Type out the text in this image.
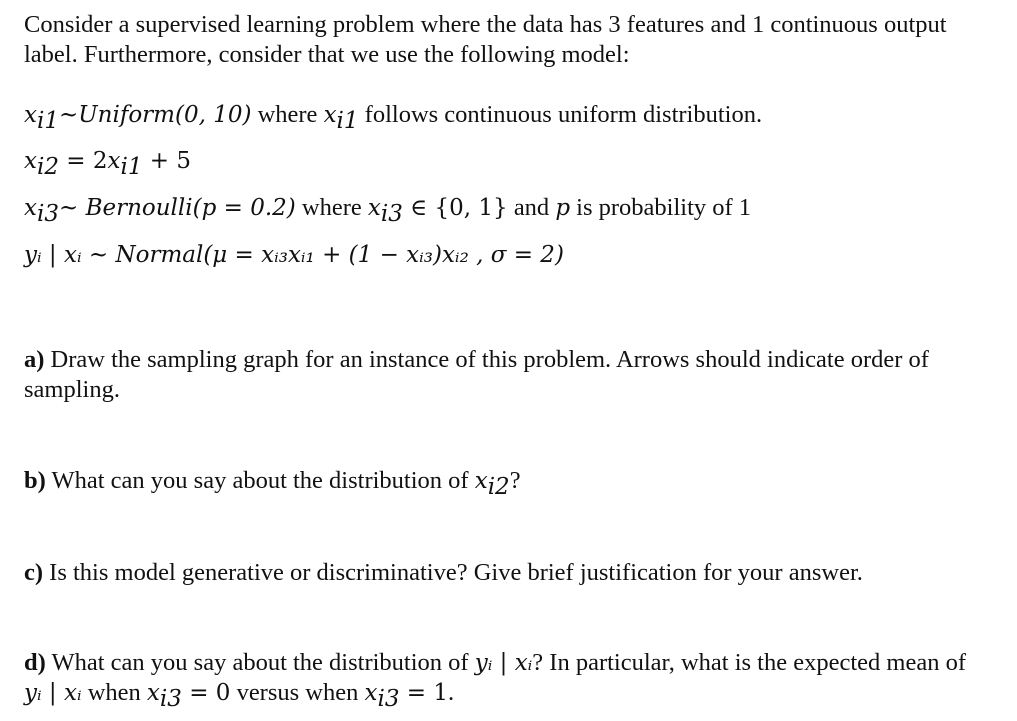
Consider a supervised learning problem where the data has 3 features and 1 continuous output label. Furthermore, consider that we use the following model:

$x_{i1}\sim Uniform(0$, 10) where $x_{i1}$ follows continuous uniform distribution.
$x_{i2} = 2x_{i1} + 5$
$x_{i3}\sim$ Bernoulli(p = 0.2) where $x_{i3}$ ∈ {0, 1} and p is probability of 1
yᵢ | xᵢ ~ Normal(μ = xᵢ₃xᵢ₁ + (1 − xᵢ₃)xᵢ₂ , σ = 2)
a) Draw the sampling graph for an instance of this problem. Arrows should indicate order of sampling.
b) What can you say about the distribution of $x_{i2}$?
c) Is this model generative or discriminative? Give brief justification for your answer.
d) What can you say about the distribution of yᵢ | xᵢ? In particular, what is the expected mean of yᵢ | xᵢ when $x_{i3} = 0$ versus when $x_{i3} = 1$.
